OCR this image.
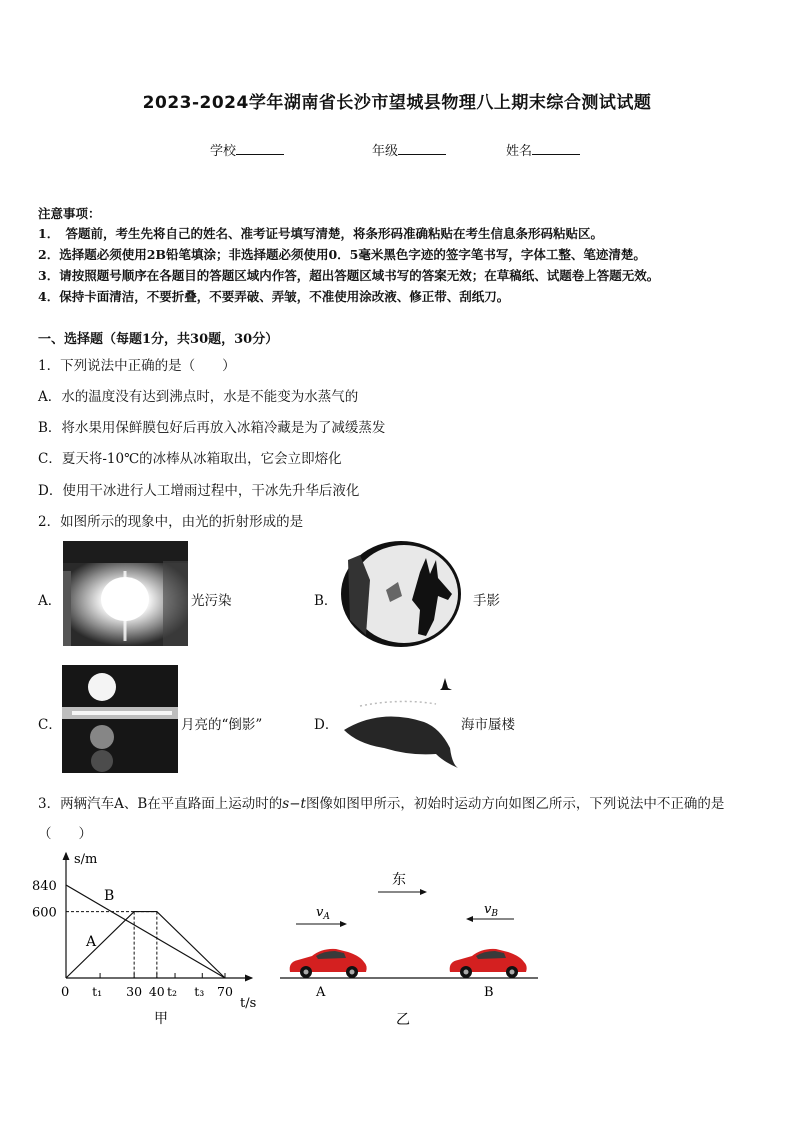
2023-2024学年湖南省长沙市望城县物理八上期末综合测试试题
学校	年级	姓名
注意事项：
1．　答题前，考生先将自己的姓名、准考证号填写清楚，将条形码准确粘贴在考生信息条形码粘贴区。
2．选择题必须使用2B铅笔填涂；非选择题必须使用0．5毫米黑色字迹的签字笔书写，字体工整、笔迹清楚。
3．请按照题号顺序在各题目的答题区域内作答，超出答题区域书写的答案无效；在草稿纸、试题卷上答题无效。
4．保持卡面清洁，不要折叠，不要弄破、弄皱，不准使用涂改液、修正带、刮纸刀。
一、选择题（每题1分，共30题，30分）
1．下列说法中正确的是（　　）
A．水的温度没有达到沸点时，水是不能变为水蒸气的
B．将水果用保鲜膜包好后再放入冰箱冷藏是为了减缓蒸发
C．夏天将-10℃的冰棒从冰箱取出，它会立即熔化
D．使用干冰进行人工增雨过程中，干冰先升华后液化
2．如图所示的现象中，由光的折射形成的是
A．	光污染	B．	手影
C．	月亮的“倒影”	D．	海市蜃楼
3．两辆汽车A、B在平直路面上运动时的s−t图像如图甲所示，初始时运动方向如图乙所示，下列说法中不正确的是
（　　）
s/m
t/s
0
840
600
t₁ 30 40 t₂ t₃ 70
A
B
甲
东
$v_A$	$v_B$
A	B
乙
